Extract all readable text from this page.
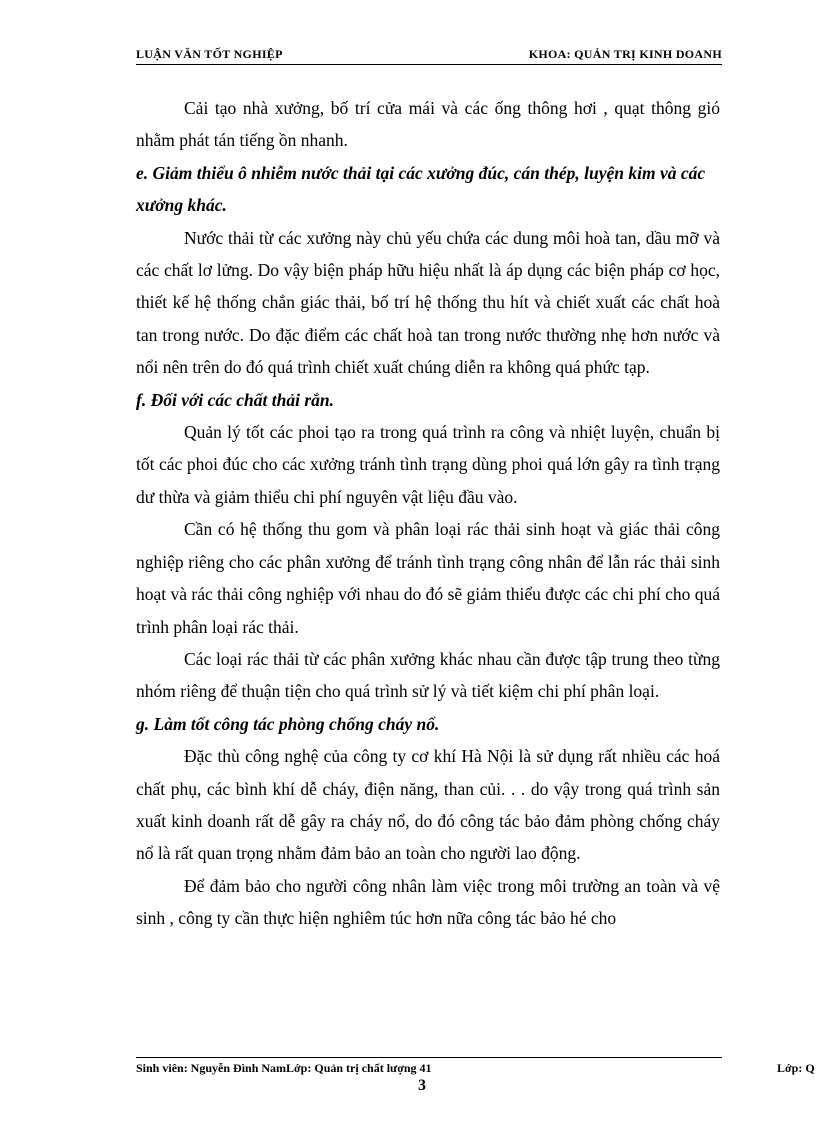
LUẬN VĂN TỐT NGHIỆP	KHOA: QUẢN TRỊ KINH DOANH

Cải tạo nhà xưởng, bố trí cửa mái và các ống thông hơi , quạt thông gió nhằm phát tán tiếng ồn nhanh.

e. Giảm thiểu ô nhiễm nước thải tại các xưởng đúc, cán thép, luyện kim và các xưởng khác.

Nước thải từ các xưởng này chủ yếu chứa các dung môi hoà tan, dầu mỡ và các chất lơ lửng. Do vậy biện pháp hữu hiệu nhất là áp dụng các biện pháp cơ học, thiết kế hệ thống chắn giác thải, bố trí hệ thống thu hít và chiết xuất các chất hoà tan trong nước. Do đặc điểm các chất hoà tan trong nước thường nhẹ hơn nước và nổi nên trên do đó quá trình chiết xuất chúng diễn ra không quá phức tạp.

f. Đối với các chất thải rắn.

Quản lý tốt các phoi tạo ra trong quá trình ra công và nhiệt luyện, chuẩn bị tốt các phoi đúc cho các xưởng tránh tình trạng dùng phoi quá lớn gây ra tình trạng dư thừa và giảm thiểu chi phí nguyên vật liệu đầu vào.

Cần có hệ thống thu gom và phân loại rác thải sinh hoạt và giác thải công nghiệp riêng cho các phân xưởng để tránh tình trạng công nhân để lẫn rác thải sinh hoạt và rác thải công nghiệp với nhau do đó sẽ giảm thiểu được các chi phí cho quá trình phân loại rác thải.

Các loại rác thải từ các phân xưởng khác nhau cần được tập trung theo từng nhóm riêng để thuận tiện cho quá trình sử lý và tiết kiệm chi phí phân loại.

g. Làm tốt công tác phòng chống cháy nổ.

Đặc thù công nghệ của công ty cơ khí Hà Nội là sử dụng rất nhiều các hoá chất phụ, các bình khí dễ cháy, điện năng, than củi. . . do vậy trong quá trình sản xuất kinh doanh rất dễ gây ra cháy nổ, do đó công tác bảo đảm phòng chống cháy nổ là rất quan trọng nhằm đảm bảo an toàn cho người lao động.

Để đảm bảo cho người công nhân làm việc trong môi trường an toàn và vệ sinh , công ty cần thực hiện nghiêm túc hơn nữa công tác bảo hé cho

Sinh viên: Nguyễn Đình NamLớp: Quản trị chất lượng 41	Lớp: Q
3
